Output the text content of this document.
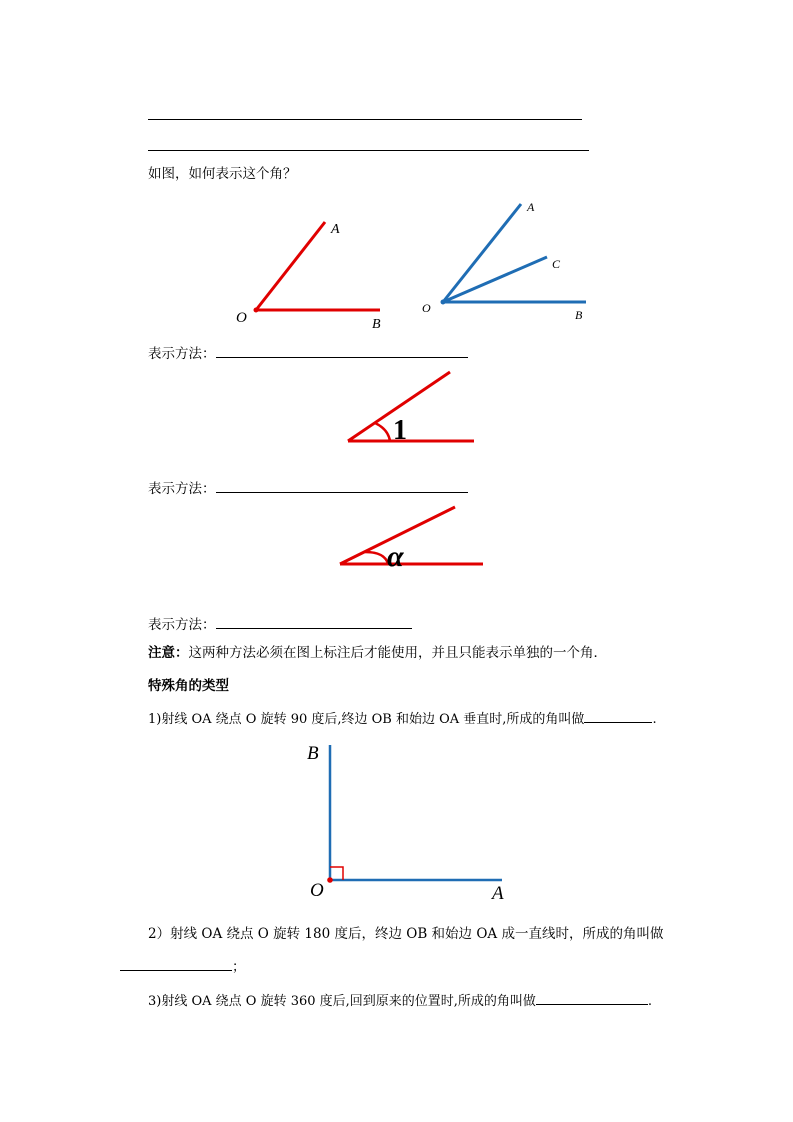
如图，如何表示这个角？
A
O	B
A
C
O	B
表示方法：
1
表示方法：
α
表示方法：
注意：这两种方法必须在图上标注后才能使用，并且只能表示单独的一个角．
特殊角的类型
1)射线 OA 绕点 O 旋转 90 度后,终边 OB 和始边 OA 垂直时,所成的角叫做	.
B
O	A
2）射线 OA 绕点 O 旋转 180 度后，终边 OB 和始边 OA 成一直线时，所成的角叫做
；
3)射线 OA 绕点 O 旋转 360 度后,回到原来的位置时,所成的角叫做	.
